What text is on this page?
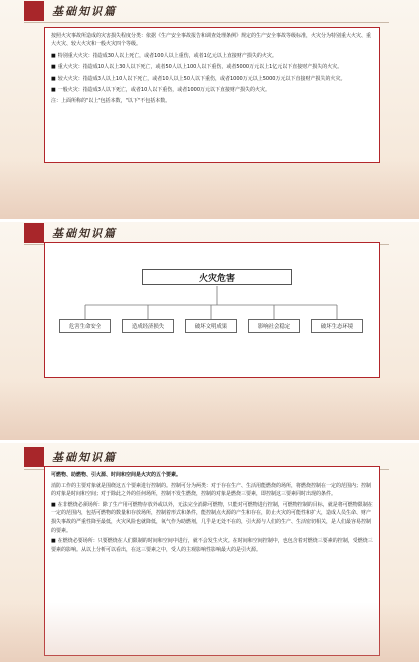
基础知识篇

按照火灾事故所造成的灾害损失程度分类：依据《生产安全事故报告和调查处理条例》规定的生产安全事故等级标准，火灾分为特别重大火灾、重大火灾、较大火灾和一般火灾四个等级。

■ 特别重大火灾：指造成30人以上死亡，或者100人以上重伤，或者1亿元以上直接财产损失的火灾。

■ 重大火灾：指造成10人以上30人以下死亡，或者50人以上100人以下重伤，或者5000万元以上1亿元以下直接财产损失的火灾。

■ 较大火灾：指造成3人以上10人以下死亡，或者10人以上50人以下重伤，或者1000万元以上5000万元以下直接财产损失的火灾。

■ 一般火灾：指造成3人以下死亡，或者10人以下重伤，或者1000万元以下直接财产损失的火灾。

注：上面所称的"以上"包括本数，"以下"不包括本数。

基础知识篇
火灾危害
危害生命安全	造成经济损失	破坏文明成果	影响社会稳定	破坏生态环境
基础知识篇

可燃物、助燃物、引火源、时间和空间是火灾的五个要素。

消防工作的主要对象就是围绕这五个要素进行控制的。控制可分为两类：对于存在生产、生活用能燃烧的场所，将燃烧控制在一定的范围内；控制的对象是时间和空间；对于除此之外的任何场所，控制不发生燃烧，控制的对象是燃烧三要素，即控制这三要素同时出现的条件。

■ 在非燃烧必须场所：除了生产用可燃物存放外或以外，无法完全消除可燃物，只能对可燃物进行控制，可燃物控制的目标，就是将可燃物限制在一定的范围内，包括可燃物的数量和存放场所，控制着形式和条件，能控制点火源的产生和存在，防止火灾的可能性和扩大，造成人员生命、财产损失事故的严重性降至最低，火灾风险也就降低，氧气作为助燃剂，几乎是无处不在的，引火源与人们的生产、生活密切相关，是人们最容易控制的要素。

■ 在燃烧必要场所：只要燃烧在人们限制的时间和空间中进行，就不会发生火灾。在时间和空间控制中，也包含着对燃烧三要素的控制，受燃烧三要素的影响。从以上分析可以看出，在这三要素之中，受人的主观影响性影响最大的是引火源。
